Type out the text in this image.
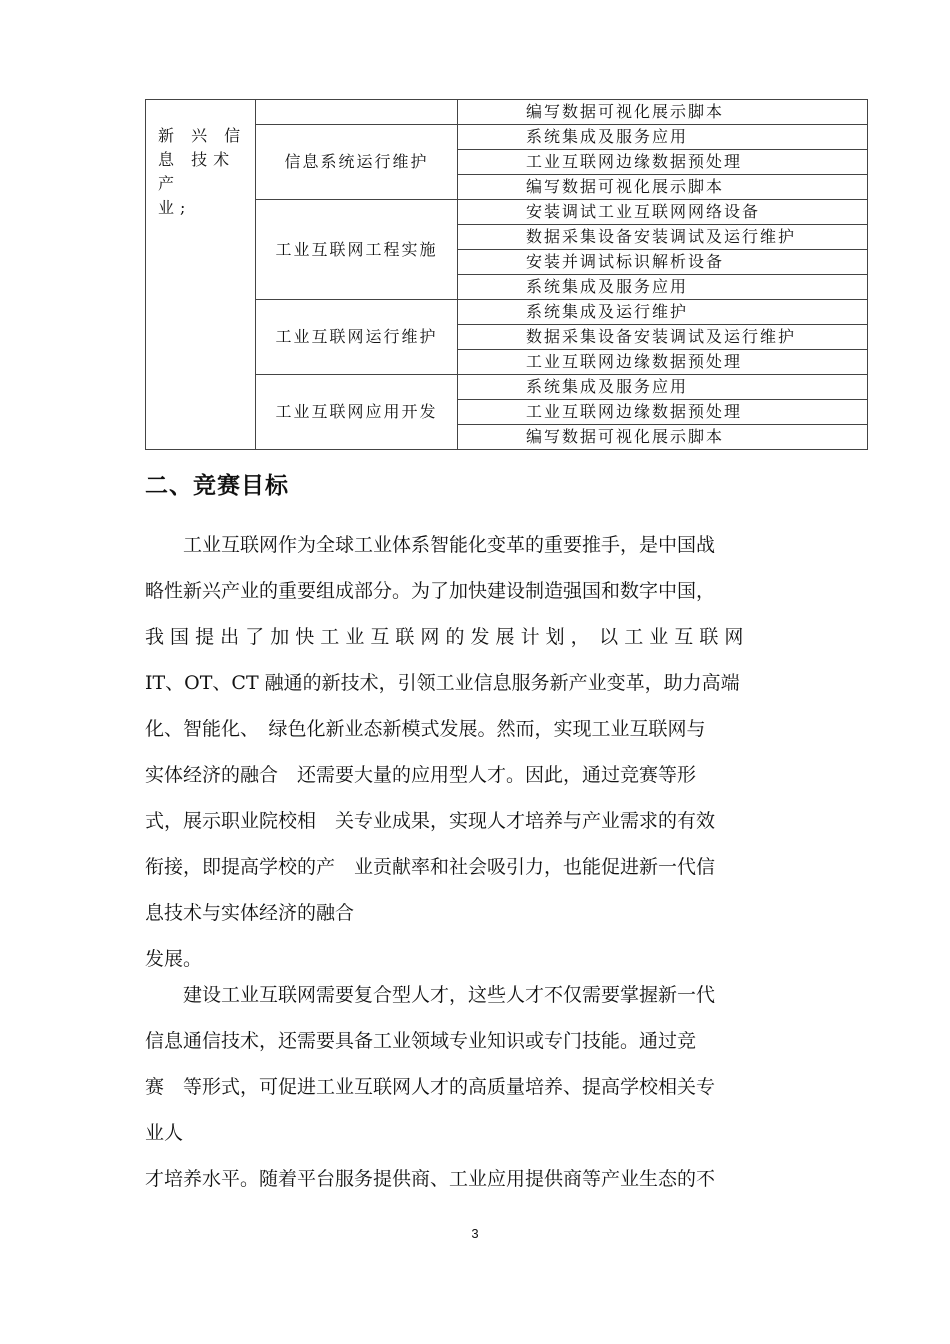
新 兴 信
息 技术产
业;		编写数据可视化展示脚本
	信息系统运行维护	系统集成及服务应用
		工业互联网边缘数据预处理
		编写数据可视化展示脚本
	工业互联网工程实施	安装调试工业互联网网络设备
		数据采集设备安装调试及运行维护
		安装并调试标识解析设备
		系统集成及服务应用
	工业互联网运行维护	系统集成及运行维护
		数据采集设备安装调试及运行维护
		工业互联网边缘数据预处理
	工业互联网应用开发	系统集成及服务应用
		工业互联网边缘数据预处理
		编写数据可视化展示脚本
二、竞赛目标
　　工业互联网作为全球工业体系智能化变革的重要推手，是中国战
略性新兴产业的重要组成部分。为了加快建设制造强国和数字中国，
我 国 提 出 了 加 快 工 业 互 联 网 的 发 展 计 划 ，　以 工 业 互 联 网
IT、OT、CT 融通的新技术，引领工业信息服务新产业变革，助力高端
化、智能化、　绿色化新业态新模式发展。然而，实现工业互联网与
实体经济的融合　还需要大量的应用型人才。因此，通过竞赛等形
式，展示职业院校相　关专业成果，实现人才培养与产业需求的有效
衔接，即提高学校的产　业贡献率和社会吸引力，也能促进新一代信
息技术与实体经济的融合
发展。
　　建设工业互联网需要复合型人才，这些人才不仅需要掌握新一代
信息通信技术，还需要具备工业领域专业知识或专门技能。通过竞
赛　等形式，可促进工业互联网人才的高质量培养、提高学校相关专
业人
才培养水平。随着平台服务提供商、工业应用提供商等产业生态的不
3
